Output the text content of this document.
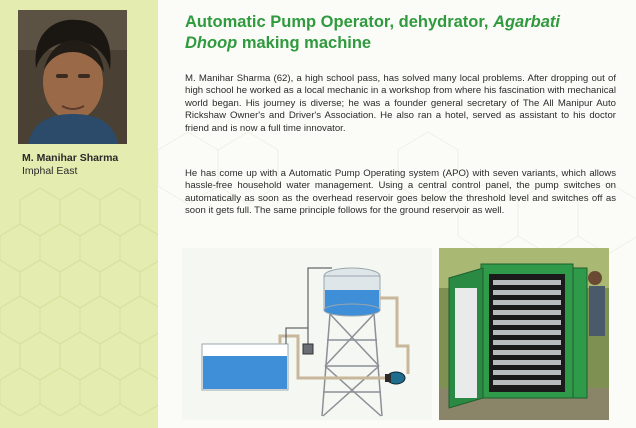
M. Manihar Sharma
Imphal East
Automatic Pump Operator, dehydrator, Agarbati Dhoop making machine

M. Manihar Sharma (62), a high school pass, has solved many local problems. After dropping out of high school he worked as a local mechanic in a workshop from where his fascination with mechanical world began. His journey is diverse; he was a founder general secretary of The All Manipur Auto Rickshaw Owner's and Driver's Association. He also ran a hotel, served as assistant to his doctor friend and is now a full time innovator.

He has come up with a Automatic Pump Operating system (APO) with seven variants, which allows hassle-free household water management. Using a central control panel, the pump switches on automatically as soon as the overhead reservoir goes below the threshold level and switches off as soon it gets full. The same principle follows for the ground reservoir as well.
